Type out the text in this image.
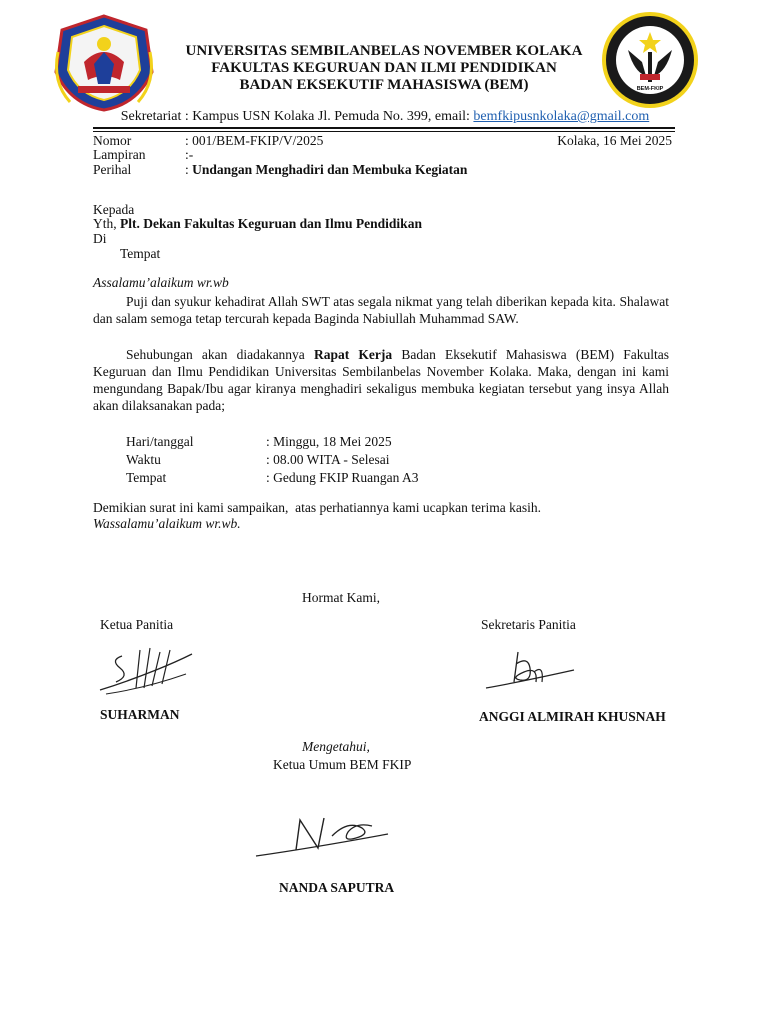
UNIVERSITAS SEMBILANBELAS NOVEMBER KOLAKA
FAKULTAS KEGURUAN DAN ILMI PENDIDIKAN
BADAN EKSEKUTIF MAHASISWA (BEM)	BEM-FKIP
Sekretariat : Kampus USN Kolaka Jl. Pemuda No. 399, email: bemfkipusnkolaka@gmail.com
Nomor	: 001/BEM-FKIP/V/2025	Kolaka, 16 Mei 2025
Lampiran	:-
Perihal	: Undangan Menghadiri dan Membuka Kegiatan
Kepada
Yth, Plt. Dekan Fakultas Keguruan dan Ilmu Pendidikan
Di
Tempat
Assalamu’alaikum wr.wb

Puji dan syukur kehadirat Allah SWT atas segala nikmat yang telah diberikan kepada kita. Shalawat dan salam semoga tetap tercurah kepada Baginda Nabiullah Muhammad SAW.

Sehubungan akan diadakannya Rapat Kerja Badan Eksekutif Mahasiswa (BEM) Fakultas Keguruan dan Ilmu Pendidikan Universitas Sembilanbelas November Kolaka. Maka, dengan ini kami mengundang Bapak/Ibu agar kiranya menghadiri sekaligus membuka kegiatan tersebut yang insya Allah akan dilaksanakan pada;

Hari/tanggal	: Minggu, 18 Mei 2025
Waktu	: 08.00 WITA - Selesai
Tempat	: Gedung FKIP Ruangan A3
Demikian surat ini kami sampaikan,  atas perhatiannya kami ucapkan terima kasih.
Wassalamu’alaikum wr.wb.
Hormat Kami,
Ketua Panitia	Sekretaris Panitia
SUHARMAN	ANGGI ALMIRAH KHUSNAH
Mengetahui,
Ketua Umum BEM FKIP
NANDA SAPUTRA
